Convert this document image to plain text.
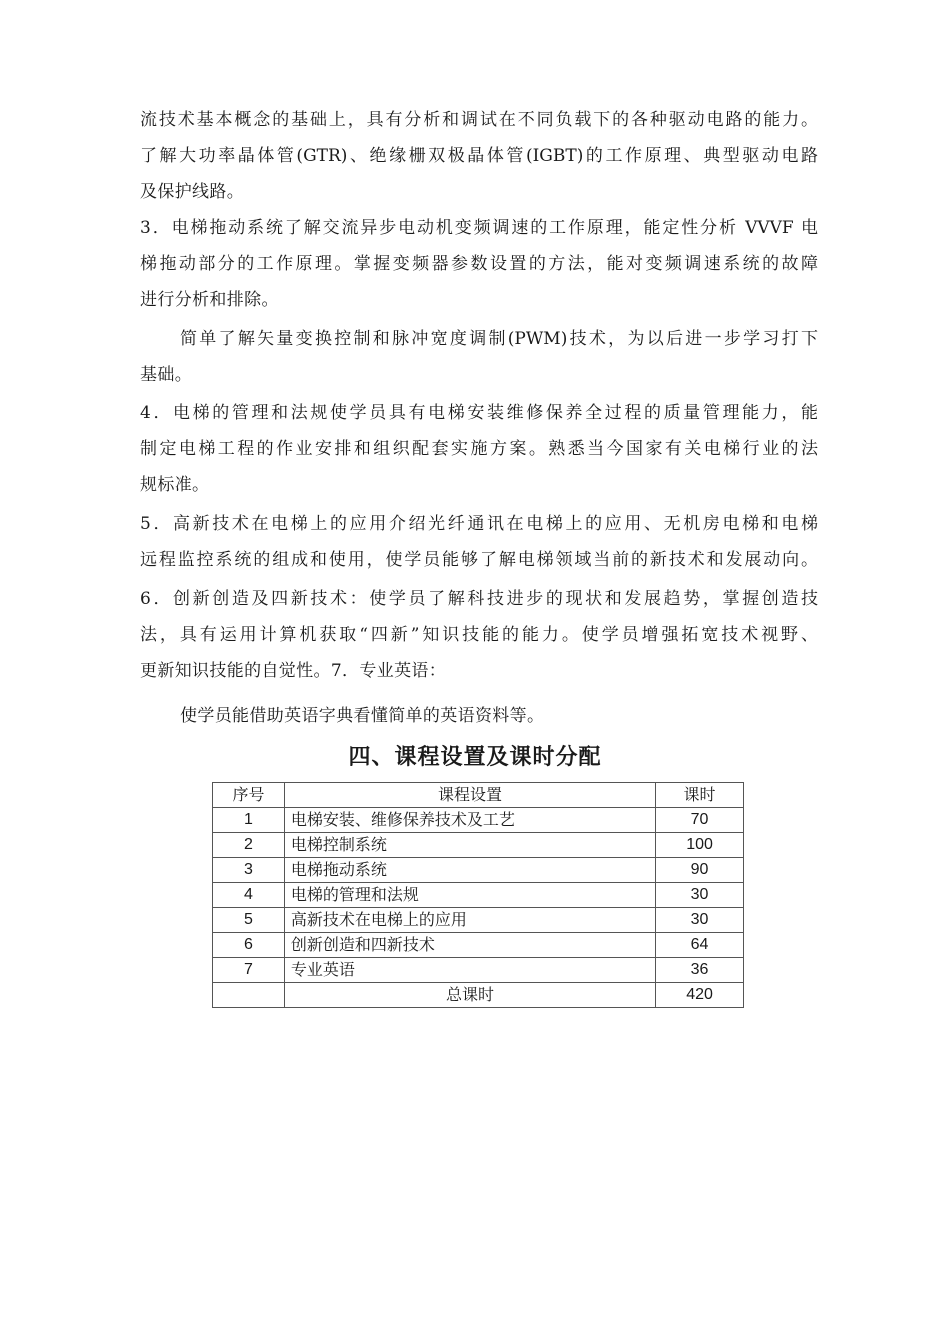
流技术基本概念的基础上，具有分析和调试在不同负载下的各种驱动电路的能力。
了解大功率晶体管(GTR)、绝缘栅双极晶体管(IGBT)的工作原理、典型驱动电路
及保护线路。
3．电梯拖动系统了解交流异步电动机变频调速的工作原理，能定性分析 VVVF 电
梯拖动部分的工作原理。掌握变频器参数设置的方法，能对变频调速系统的故障
进行分析和排除。
简单了解矢量变换控制和脉冲宽度调制(PWM)技术，为以后进一步学习打下
基础。
4．电梯的管理和法规使学员具有电梯安装维修保养全过程的质量管理能力，能
制定电梯工程的作业安排和组织配套实施方案。熟悉当今国家有关电梯行业的法
规标准。
5．高新技术在电梯上的应用介绍光纤通讯在电梯上的应用、无机房电梯和电梯
远程监控系统的组成和使用，使学员能够了解电梯领域当前的新技术和发展动向。
6．创新创造及四新技术：使学员了解科技进步的现状和发展趋势，掌握创造技
法，具有运用计算机获取“四新”知识技能的能力。使学员增强拓宽技术视野、
更新知识技能的自觉性。7．专业英语：
使学员能借助英语字典看懂简单的英语资料等。
四、课程设置及课时分配
序号	课程设置	课时
1	电梯安装、维修保养技术及工艺	70
2	电梯控制系统	100
3	电梯拖动系统	90
4	电梯的管理和法规	30
5	高新技术在电梯上的应用	30
6	创新创造和四新技术	64
7	专业英语	36
	总课时	420
